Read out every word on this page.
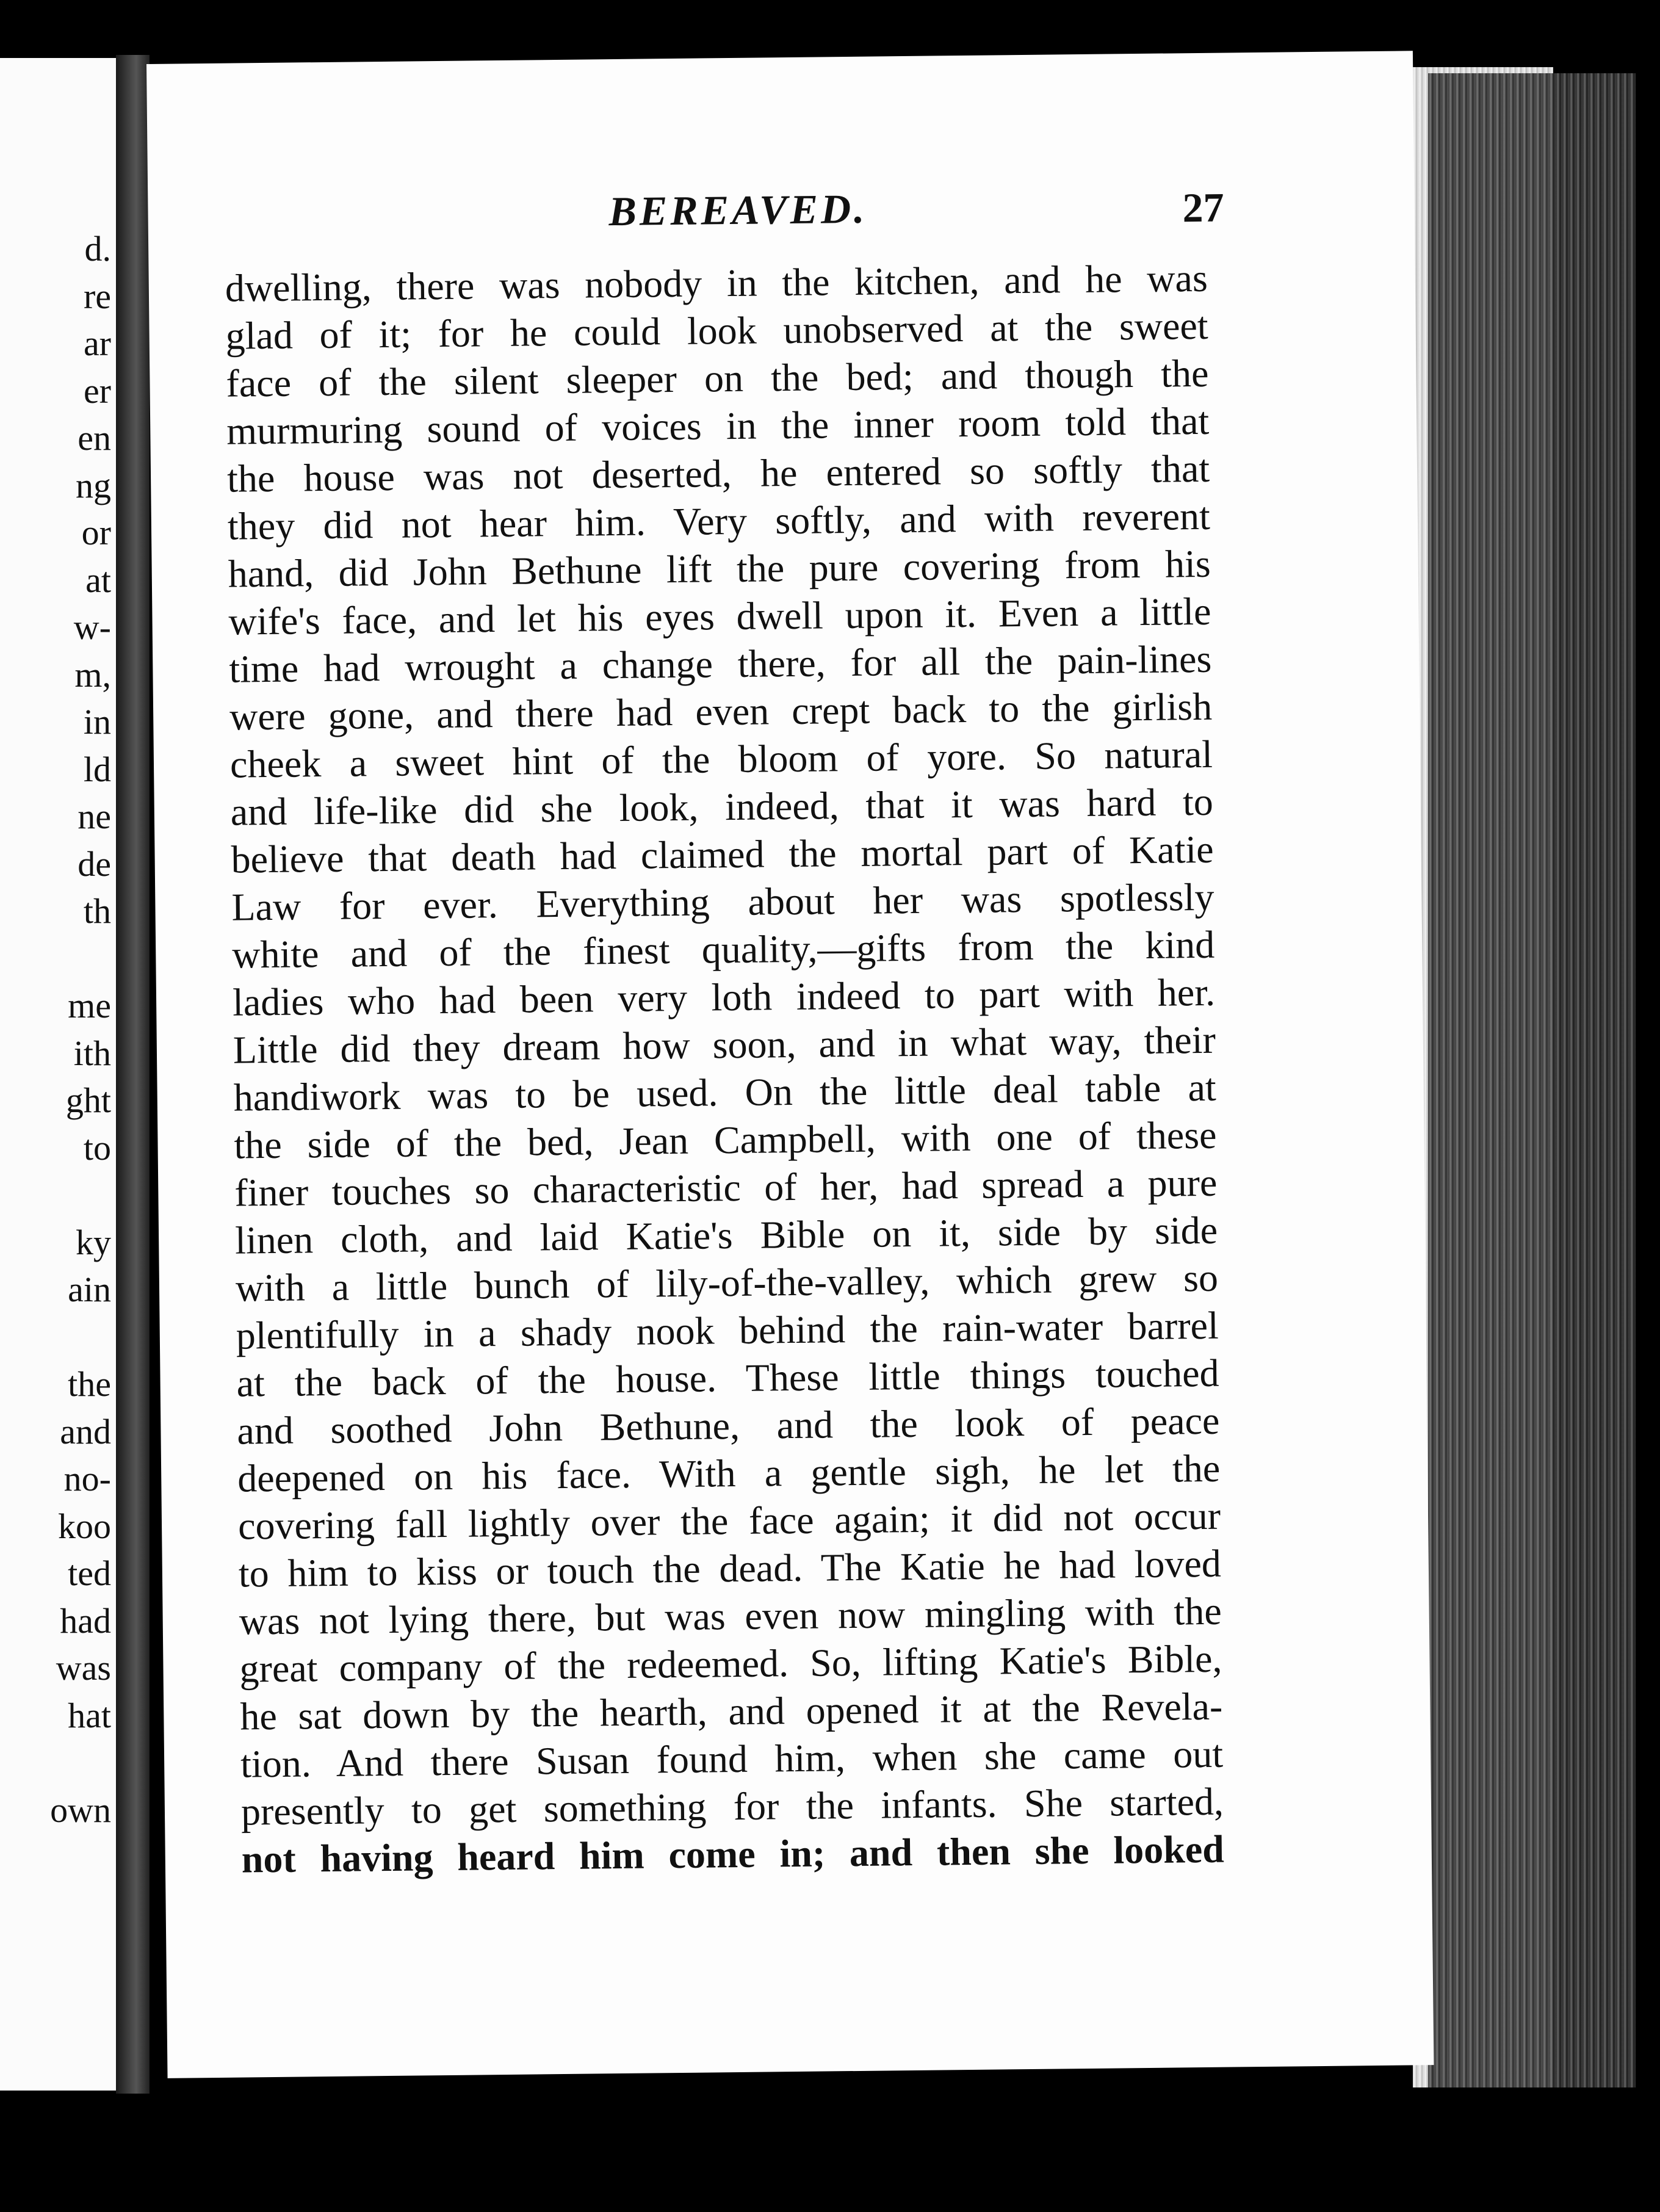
d.
re
ar
er
en
ng
or
at
w-
m,
in
ld
ne
de
th
me
ith
ght
to
ky
ain
the
and
no-
koo
ted
had
was
hat
own
BEREAVED.	27
dwelling, there was nobody in the kitchen, and he was
glad of it; for he could look unobserved at the sweet
face of the silent sleeper on the bed; and though the
murmuring sound of voices in the inner room told that
the house was not deserted, he entered so softly that
they did not hear him. Very softly, and with reverent
hand, did John Bethune lift the pure covering from his
wife's face, and let his eyes dwell upon it. Even a little
time had wrought a change there, for all the pain-lines
were gone, and there had even crept back to the girlish
cheek a sweet hint of the bloom of yore. So natural
and life-like did she look, indeed, that it was hard to
believe that death had claimed the mortal part of Katie
Law for ever. Everything about her was spotlessly
white and of the finest quality,—gifts from the kind
ladies who had been very loth indeed to part with her.
Little did they dream how soon, and in what way, their
handiwork was to be used. On the little deal table at
the side of the bed, Jean Campbell, with one of these
finer touches so characteristic of her, had spread a pure
linen cloth, and laid Katie's Bible on it, side by side
with a little bunch of lily-of-the-valley, which grew so
plentifully in a shady nook behind the rain-water barrel
at the back of the house. These little things touched
and soothed John Bethune, and the look of peace
deepened on his face. With a gentle sigh, he let the
covering fall lightly over the face again; it did not occur
to him to kiss or touch the dead. The Katie he had loved
was not lying there, but was even now mingling with the
great company of the redeemed. So, lifting Katie's Bible,
he sat down by the hearth, and opened it at the Revela-
tion. And there Susan found him, when she came out
presently to get something for the infants. She started,
not having heard him come in; and then she looked
